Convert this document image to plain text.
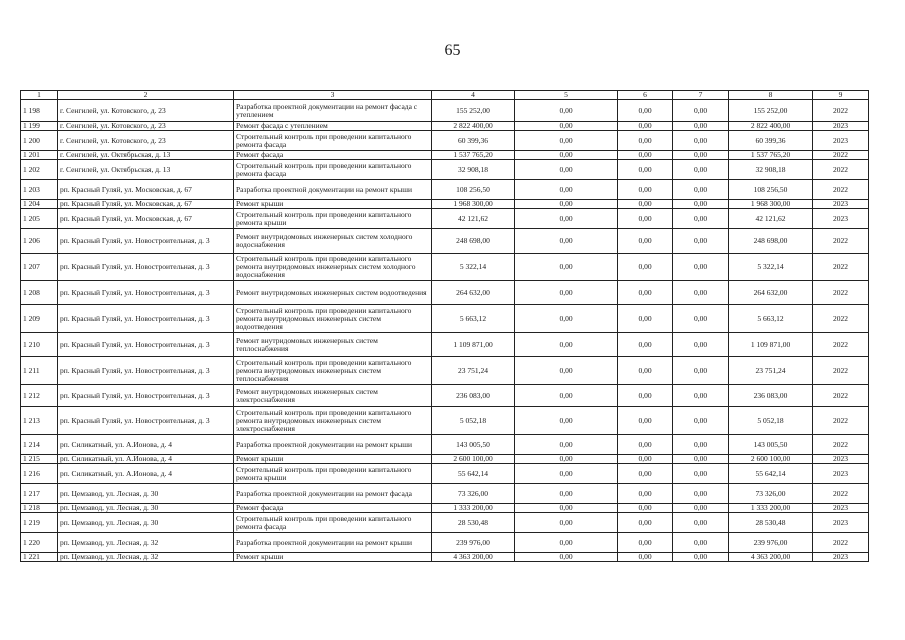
65
1	2	3	4	5	6	7	8	9
1 198	г. Сенгилей, ул. Котовского, д. 23	Разработка проектной документации на ремонт фасада с утеплением	155 252,00	0,00	0,00	0,00	155 252,00	2022
1 199	г. Сенгилей, ул. Котовского, д. 23	Ремонт фасада с утеплением	2 822 400,00	0,00	0,00	0,00	2 822 400,00	2023
1 200	г. Сенгилей, ул. Котовского, д. 23	Строительный контроль при проведении капитального ремонта фасада	60 399,36	0,00	0,00	0,00	60 399,36	2023
1 201	г. Сенгилей, ул. Октябрьская, д. 13	Ремонт фасада	1 537 765,20	0,00	0,00	0,00	1 537 765,20	2022
1 202	г. Сенгилей, ул. Октябрьская, д. 13	Строительный контроль при проведении капитального ремонта фасада	32 908,18	0,00	0,00	0,00	32 908,18	2022
1 203	рп. Красный Гуляй, ул. Московская, д. 67	Разработка проектной документации на ремонт крыши	108 256,50	0,00	0,00	0,00	108 256,50	2022
1 204	рп. Красный Гуляй, ул. Московская, д. 67	Ремонт крыши	1 968 300,00	0,00	0,00	0,00	1 968 300,00	2023
1 205	рп. Красный Гуляй, ул. Московская, д. 67	Строительный контроль при проведении капитального ремонта крыши	42 121,62	0,00	0,00	0,00	42 121,62	2023
1 206	рп. Красный Гуляй, ул. Новостроительная, д. 3	Ремонт внутридомовых инженерных систем холодного водоснабжения	248 698,00	0,00	0,00	0,00	248 698,00	2022
1 207	рп. Красный Гуляй, ул. Новостроительная, д. 3	Строительный контроль при проведении капитального ремонта внутридомовых инженерных систем холодного водоснабжения	5 322,14	0,00	0,00	0,00	5 322,14	2022
1 208	рп. Красный Гуляй, ул. Новостроительная, д. 3	Ремонт внутридомовых инженерных систем водоотведения	264 632,00	0,00	0,00	0,00	264 632,00	2022
1 209	рп. Красный Гуляй, ул. Новостроительная, д. 3	Строительный контроль при проведении капитального ремонта внутридомовых инженерных систем водоотведения	5 663,12	0,00	0,00	0,00	5 663,12	2022
1 210	рп. Красный Гуляй, ул. Новостроительная, д. 3	Ремонт внутридомовых инженерных систем теплоснабжения	1 109 871,00	0,00	0,00	0,00	1 109 871,00	2022
1 211	рп. Красный Гуляй, ул. Новостроительная, д. 3	Строительный контроль при проведении капитального ремонта внутридомовых инженерных систем теплоснабжения	23 751,24	0,00	0,00	0,00	23 751,24	2022
1 212	рп. Красный Гуляй, ул. Новостроительная, д. 3	Ремонт внутридомовых инженерных систем электроснабжения	236 083,00	0,00	0,00	0,00	236 083,00	2022
1 213	рп. Красный Гуляй, ул. Новостроительная, д. 3	Строительный контроль при проведении капитального ремонта внутридомовых инженерных систем электроснабжения	5 052,18	0,00	0,00	0,00	5 052,18	2022
1 214	рп. Силикатный, ул. А.Ионова, д. 4	Разработка проектной документации на ремонт крыши	143 005,50	0,00	0,00	0,00	143 005,50	2022
1 215	рп. Силикатный, ул. А.Ионова, д. 4	Ремонт крыши	2 600 100,00	0,00	0,00	0,00	2 600 100,00	2023
1 216	рп. Силикатный, ул. А.Ионова, д. 4	Строительный контроль при проведении капитального ремонта крыши	55 642,14	0,00	0,00	0,00	55 642,14	2023
1 217	рп. Цемзавод, ул. Лесная, д. 30	Разработка проектной документации на ремонт фасада	73 326,00	0,00	0,00	0,00	73 326,00	2022
1 218	рп. Цемзавод, ул. Лесная, д. 30	Ремонт фасада	1 333 200,00	0,00	0,00	0,00	1 333 200,00	2023
1 219	рп. Цемзавод, ул. Лесная, д. 30	Строительный контроль при проведении капитального ремонта фасада	28 530,48	0,00	0,00	0,00	28 530,48	2023
1 220	рп. Цемзавод, ул. Лесная, д. 32	Разработка проектной документации на ремонт крыши	239 976,00	0,00	0,00	0,00	239 976,00	2022
1 221	рп. Цемзавод, ул. Лесная, д. 32	Ремонт крыши	4 363 200,00	0,00	0,00	0,00	4 363 200,00	2023
